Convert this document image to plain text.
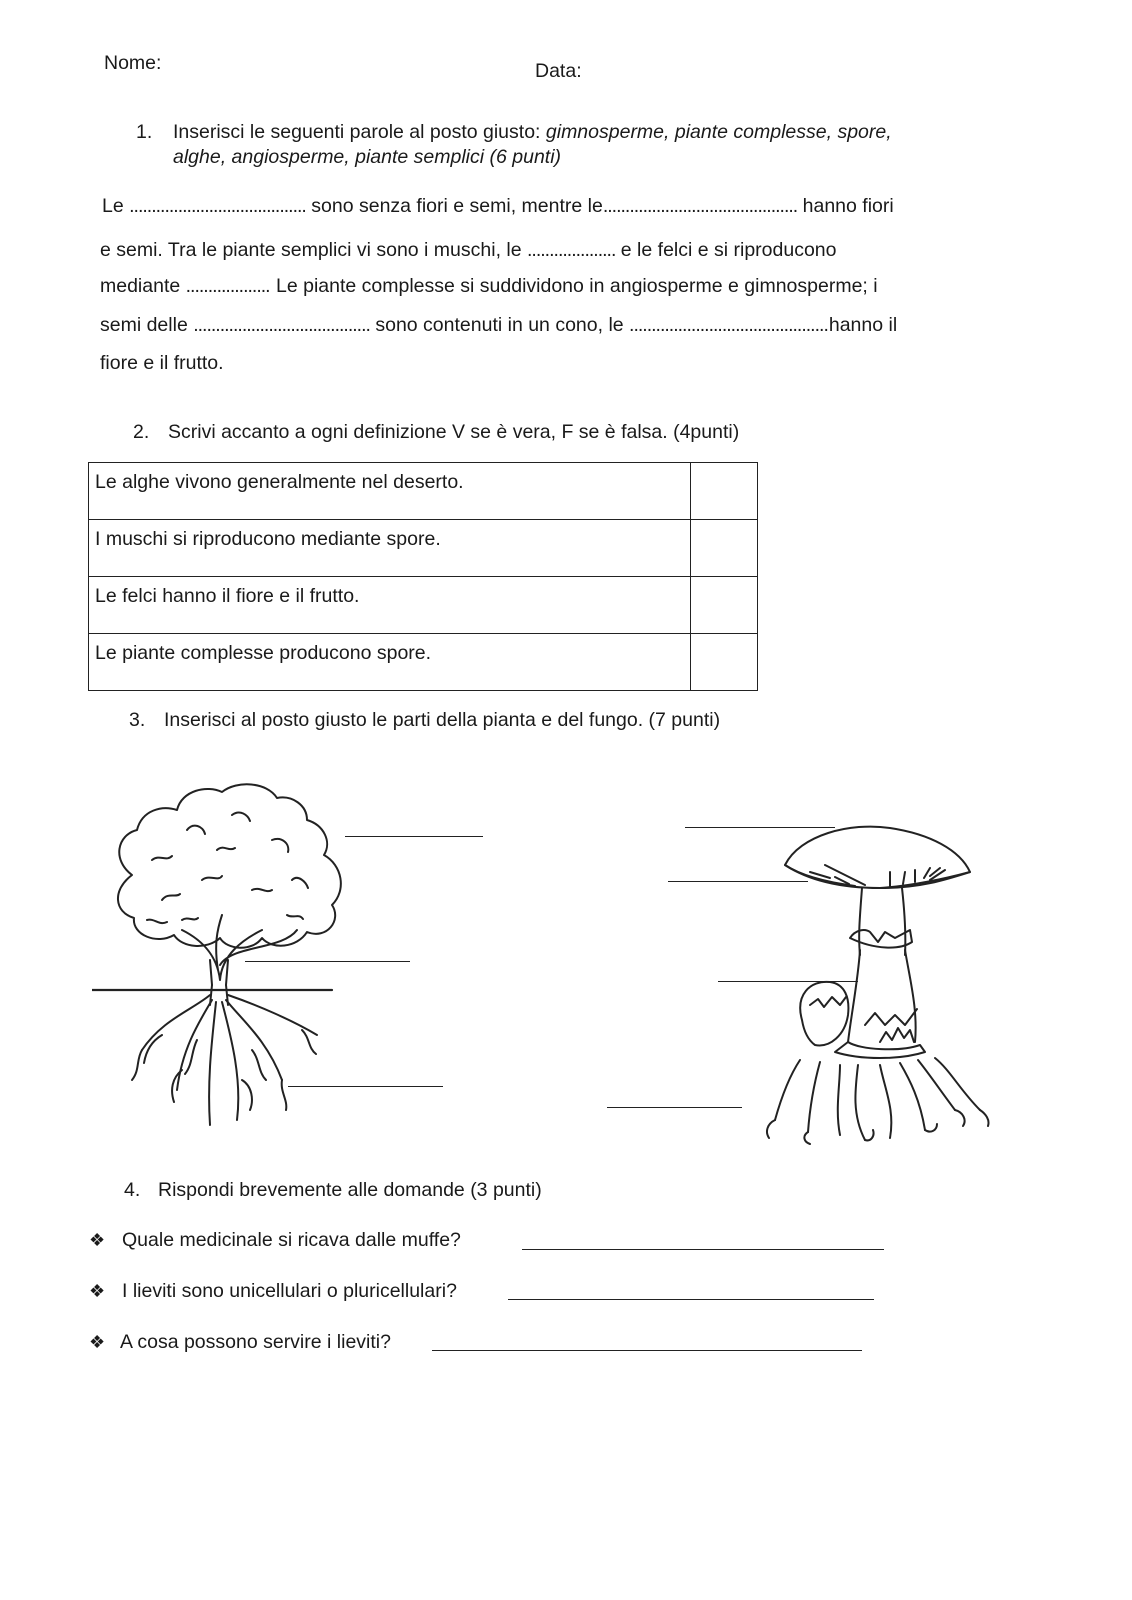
Nome:	Data:
1. Inserisci le seguenti parole al posto giusto: gimnosperme, piante complesse, spore,
alghe, angiosperme, piante semplici (6 punti)
Le ........................................ sono senza fiori e semi, mentre le............................................ hanno fiori
e semi. Tra le piante semplici vi sono i muschi, le .................... e le felci e si riproducono
mediante ................... Le piante complesse si suddividono in angiosperme e gimnosperme; i
semi delle ........................................ sono contenuti in un cono, le .............................................hanno il
fiore e il frutto.
2. Scrivi accanto a ogni definizione V se è vera, F se è falsa. (4punti)
Le alghe vivono generalmente nel deserto.	
I muschi si riproducono mediante spore.	
Le felci hanno il fiore e il frutto.	
Le piante complesse producono spore.	
3. Inserisci al posto giusto le parti della pianta e del fungo. (7 punti)
4. Rispondi brevemente alle domande (3 punti)
❖ Quale medicinale si ricava dalle muffe?
❖ I lieviti sono unicellulari o pluricellulari?
❖ A cosa possono servire i lieviti?
